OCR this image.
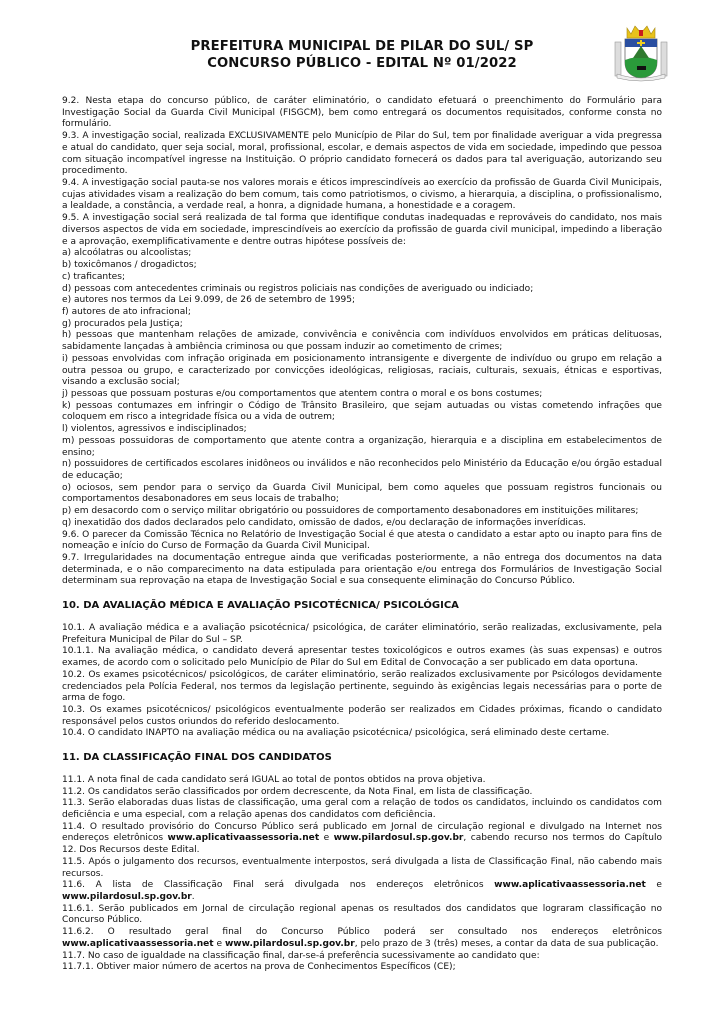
PREFEITURA MUNICIPAL DE PILAR DO SUL/ SP
CONCURSO PÚBLICO - EDITAL Nº 01/2022

9.2. Nesta etapa do concurso público, de caráter eliminatório, o candidato efetuará o preenchimento do Formulário para Investigação Social da Guarda Civil Municipal (FISGCM), bem como entregará os documentos requisitados, conforme consta no formulário.

9.3. A investigação social, realizada EXCLUSIVAMENTE pelo Município de Pilar do Sul, tem por finalidade averiguar a vida pregressa e atual do candidato, quer seja social, moral, profissional, escolar, e demais aspectos de vida em sociedade, impedindo que pessoa com situação incompatível ingresse na Instituição. O próprio candidato fornecerá os dados para tal averiguação, autorizando seu procedimento.

9.4. A investigação social pauta-se nos valores morais e éticos imprescindíveis ao exercício da profissão de Guarda Civil Municipais, cujas atividades visam a realização do bem comum, tais como patriotismos, o civismo, a hierarquia, a disciplina, o profissionalismo, a lealdade, a constância, a verdade real, a honra, a dignidade humana, a honestidade e a coragem.

9.5. A investigação social será realizada de tal forma que identifique condutas inadequadas e reprováveis do candidato, nos mais diversos aspectos de vida em sociedade, imprescindíveis ao exercício da profissão de guarda civil municipal, impedindo a liberação e a aprovação, exemplificativamente e dentre outras hipótese possíveis de:

a) alcoólatras ou alcoolistas;

b) toxicômanos / drogadictos;

c) traficantes;

d) pessoas com antecedentes criminais ou registros policiais nas condições de averiguado ou indiciado;

e) autores nos termos da Lei 9.099, de 26 de setembro de 1995;

f) autores de ato infracional;

g) procurados pela Justiça;

h) pessoas que mantenham relações de amizade, convivência e conivência com indivíduos envolvidos em práticas delituosas, sabidamente lançadas à ambiência criminosa ou que possam induzir ao cometimento de crimes;

i) pessoas envolvidas com infração originada em posicionamento intransigente e divergente de indivíduo ou grupo em relação a outra pessoa ou grupo, e caracterizado por convicções ideológicas, religiosas, raciais, culturais, sexuais, étnicas e esportivas, visando a exclusão social;

j) pessoas que possuam posturas e/ou comportamentos que atentem contra o moral e os bons costumes;

k) pessoas contumazes em infringir o Código de Trânsito Brasileiro, que sejam autuadas ou vistas cometendo infrações que coloquem em risco a integridade física ou a vida de outrem;

l) violentos, agressivos e indisciplinados;

m) pessoas possuidoras de comportamento que atente contra a organização, hierarquia e a disciplina em estabelecimentos de ensino;

n) possuidores de certificados escolares inidôneos ou inválidos e não reconhecidos pelo Ministério da Educação e/ou órgão estadual de educação;

o) ociosos, sem pendor para o serviço da Guarda Civil Municipal, bem como aqueles que possuam registros funcionais ou comportamentos desabonadores em seus locais de trabalho;

p) em desacordo com o serviço militar obrigatório ou possuidores de comportamento desabonadores em instituições militares;

q) inexatidão dos dados declarados pelo candidato, omissão de dados, e/ou declaração de informações inverídicas.

9.6. O parecer da Comissão Técnica no Relatório de Investigação Social é que atesta o candidato a estar apto ou inapto para fins de nomeação e início do Curso de Formação da Guarda Civil Municipal.

9.7. Irregularidades na documentação entregue ainda que verificadas posteriormente, a não entrega dos documentos na data determinada, e o não comparecimento na data estipulada para orientação e/ou entrega dos Formulários de Investigação Social determinam sua reprovação na etapa de Investigação Social e sua consequente eliminação do Concurso Público.

10. DA AVALIAÇÃO MÉDICA E AVALIAÇÃO PSICOTÉCNICA/ PSICOLÓGICA

10.1. A avaliação médica e a avaliação psicotécnica/ psicológica, de caráter eliminatório, serão realizadas, exclusivamente, pela Prefeitura Municipal de Pilar do Sul – SP.

10.1.1. Na avaliação médica, o candidato deverá apresentar testes toxicológicos e outros exames (às suas expensas) e outros exames, de acordo com o solicitado pelo Município de Pilar do Sul em Edital de Convocação a ser publicado em data oportuna.

10.2. Os exames psicotécnicos/ psicológicos, de caráter eliminatório, serão realizados exclusivamente por Psicólogos devidamente credenciados pela Polícia Federal, nos termos da legislação pertinente, seguindo às exigências legais necessárias para o porte de arma de fogo.

10.3. Os exames psicotécnicos/ psicológicos eventualmente poderão ser realizados em Cidades próximas, ficando o candidato responsável pelos custos oriundos do referido deslocamento.

10.4. O candidato INAPTO na avaliação médica ou na avaliação psicotécnica/ psicológica, será eliminado deste certame.

11. DA CLASSIFICAÇÃO FINAL DOS CANDIDATOS

11.1. A nota final de cada candidato será IGUAL ao total de pontos obtidos na prova objetiva.

11.2. Os candidatos serão classificados por ordem decrescente, da Nota Final, em lista de classificação.

11.3. Serão elaboradas duas listas de classificação, uma geral com a relação de todos os candidatos, incluindo os candidatos com deficiência e uma especial, com a relação apenas dos candidatos com deficiência.

11.4. O resultado provisório do Concurso Público será publicado em Jornal de circulação regional e divulgado na Internet nos endereços eletrônicos www.aplicativaassessoria.net e www.pilardosul.sp.gov.br, cabendo recurso nos termos do Capítulo 12. Dos Recursos deste Edital.

11.5. Após o julgamento dos recursos, eventualmente interpostos, será divulgada a lista de Classificação Final, não cabendo mais recursos.

11.6. A lista de Classificação Final será divulgada nos endereços eletrônicos www.aplicativaassessoria.net e www.pilardosul.sp.gov.br.

11.6.1. Serão publicados em Jornal de circulação regional apenas os resultados dos candidatos que lograram classificação no Concurso Público.

11.6.2. O resultado geral final do Concurso Público poderá ser consultado nos endereços eletrônicos www.aplicativaassessoria.net e www.pilardosul.sp.gov.br, pelo prazo de 3 (três) meses, a contar da data de sua publicação.

11.7. No caso de igualdade na classificação final, dar-se-á preferência sucessivamente ao candidato que:

11.7.1. Obtiver maior número de acertos na prova de Conhecimentos Específicos (CE);
